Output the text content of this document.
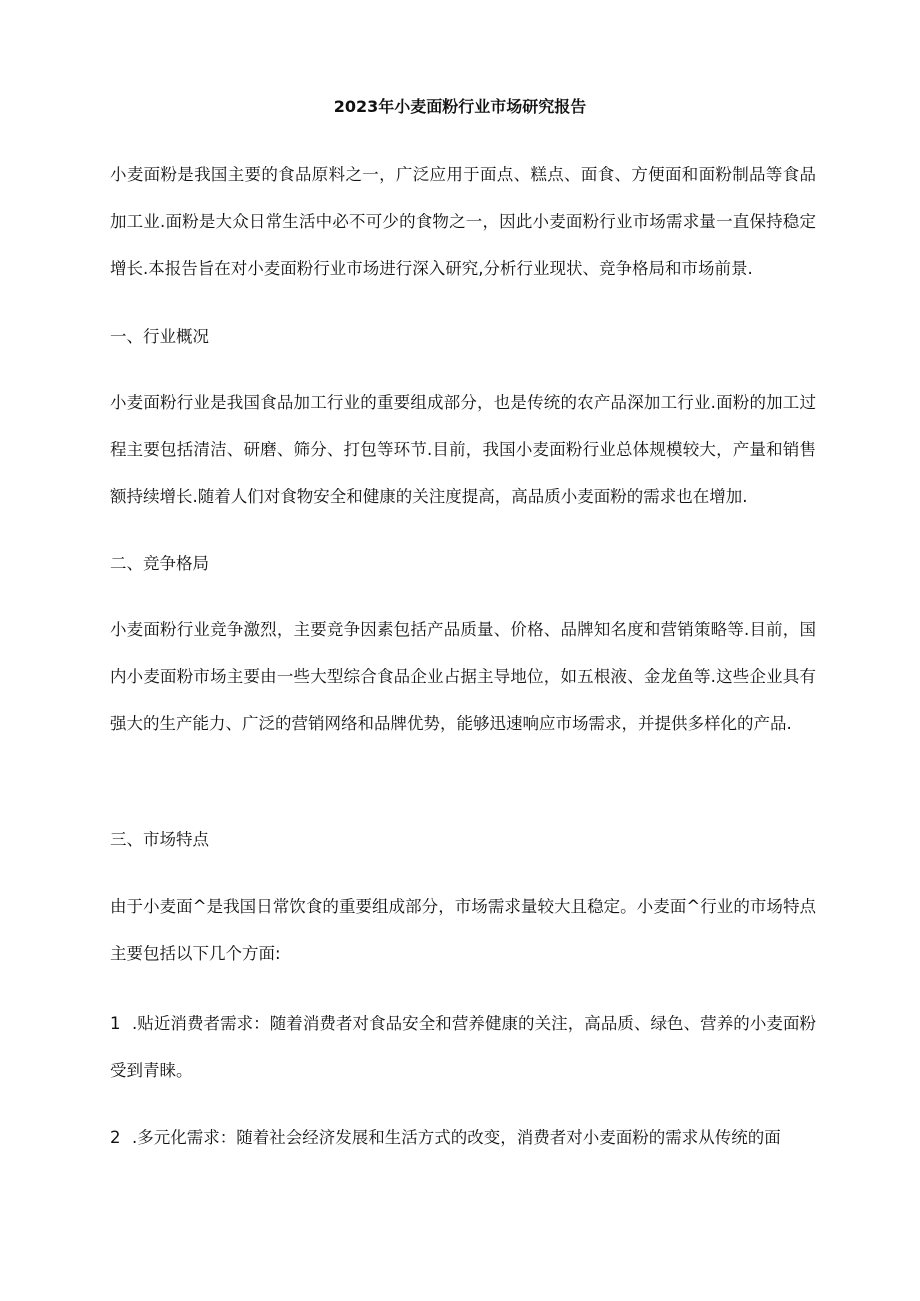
2023年小麦面粉行业市场研究报告
小麦面粉是我国主要的食品原料之一，广泛应用于面点、糕点、面食、方便面和面粉制品等食品加工业.面粉是大众日常生活中必不可少的食物之一，因此小麦面粉行业市场需求量一直保持稳定增长.本报告旨在对小麦面粉行业市场进行深入研究,分析行业现状、竞争格局和市场前景.
一、行业概况
小麦面粉行业是我国食品加工行业的重要组成部分，也是传统的农产品深加工行业.面粉的加工过程主要包括清洁、研磨、筛分、打包等环节.目前，我国小麦面粉行业总体规模较大，产量和销售额持续增长.随着人们对食物安全和健康的关注度提高，高品质小麦面粉的需求也在增加.
二、竞争格局
小麦面粉行业竞争激烈，主要竞争因素包括产品质量、价格、品牌知名度和营销策略等.目前，国内小麦面粉市场主要由一些大型综合食品企业占据主导地位，如五根液、金龙鱼等.这些企业具有强大的生产能力、广泛的营销网络和品牌优势，能够迅速响应市场需求，并提供多样化的产品.
三、市场特点
由于小麦面^是我国日常饮食的重要组成部分，市场需求量较大且稳定。小麦面^行业的市场特点主要包括以下几个方面:
1 .贴近消费者需求：随着消费者对食品安全和营养健康的关注，高品质、绿色、营养的小麦面粉受到青睐。
2 .多元化需求：随着社会经济发展和生活方式的改变，消费者对小麦面粉的需求从传统的面
